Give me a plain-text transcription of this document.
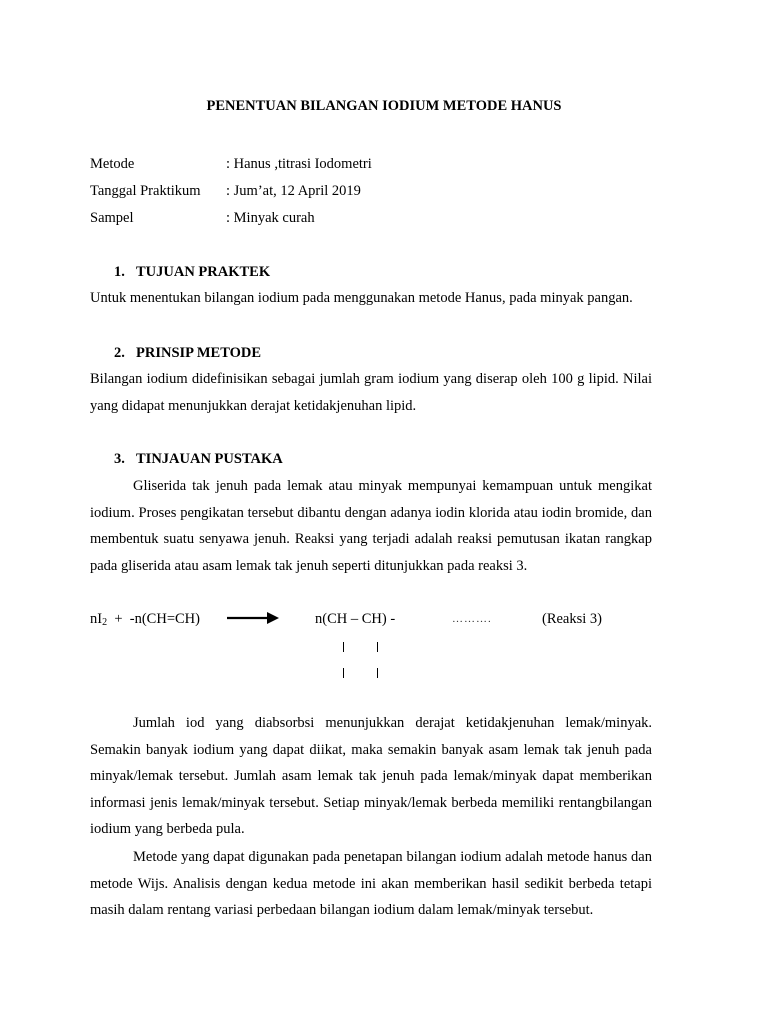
PENENTUAN BILANGAN IODIUM METODE HANUS
Metode	: Hanus ,titrasi Iodometri
Tanggal Praktikum : Jum’at, 12 April 2019
Sampel	: Minyak curah
1. TUJUAN PRAKTEK
Untuk menentukan bilangan iodium pada menggunakan metode Hanus, pada minyak pangan.
2. PRINSIP METODE
Bilangan iodium didefinisikan sebagai jumlah gram iodium yang diserap oleh 100 g lipid. Nilai yang didapat menunjukkan derajat ketidakjenuhan lipid.
3. TINJAUAN PUSTAKA
Gliserida tak jenuh pada lemak atau minyak mempunyai kemampuan untuk mengikat iodium. Proses pengikatan tersebut dibantu dengan adanya iodin klorida atau iodin bromide, dan membentuk suatu senyawa jenuh. Reaksi yang terjadi adalah reaksi pemutusan ikatan rangkap pada gliserida atau asam lemak tak jenuh seperti ditunjukkan pada reaksi 3.
$nI_2 + -n(CH=CH)$	n(CH – CH) -	……….	(Reaksi 3)
Jumlah iod yang diabsorbsi menunjukkan derajat ketidakjenuhan lemak/minyak. Semakin banyak iodium yang dapat diikat, maka semakin banyak asam lemak tak jenuh pada minyak/lemak tersebut. Jumlah asam lemak tak jenuh pada lemak/minyak dapat memberikan informasi jenis lemak/minyak tersebut. Setiap minyak/lemak berbeda memiliki rentangbilangan iodium yang berbeda pula.
Metode yang dapat digunakan pada penetapan bilangan iodium adalah metode hanus dan metode Wijs. Analisis dengan kedua metode ini akan memberikan hasil sedikit berbeda tetapi masih dalam rentang variasi perbedaan bilangan iodium dalam lemak/minyak tersebut.
